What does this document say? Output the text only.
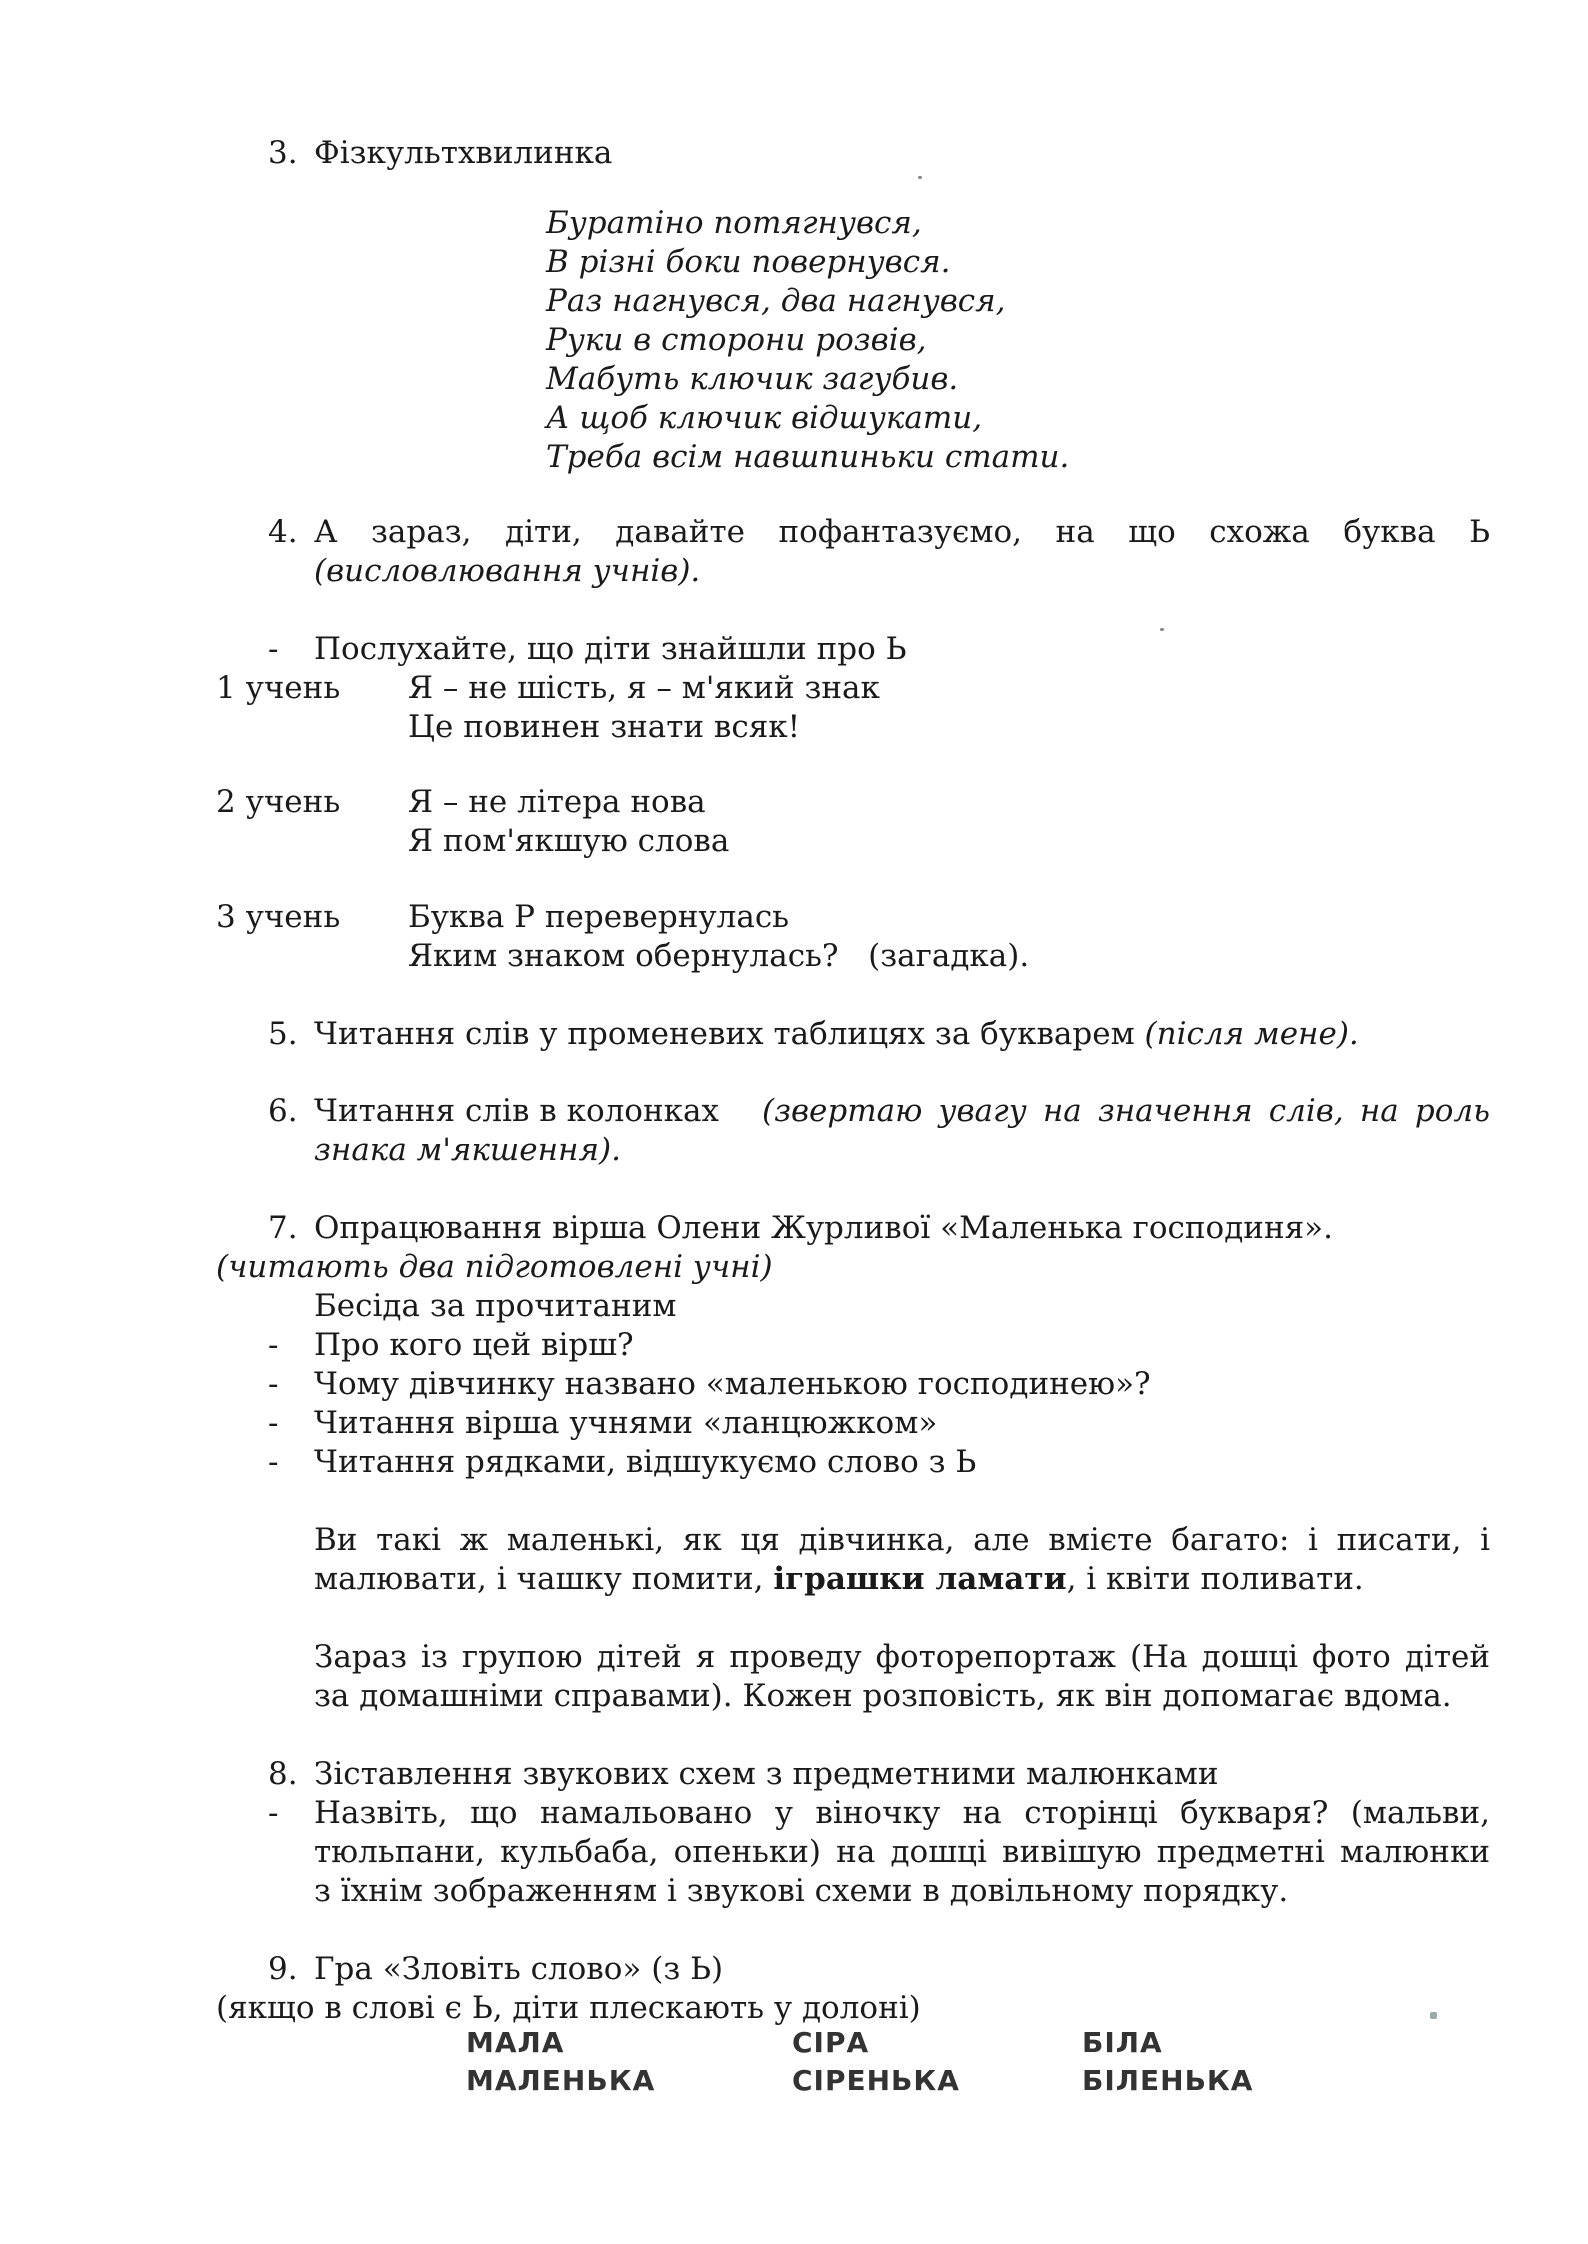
3. Фізкультхвилинка
Буратіно потягнувся,
В різні боки повернувся.
Раз нагнувся, два нагнувся,
Руки в сторони розвів,
Мабуть ключик загубив.
А щоб ключик відшукати,
Треба всім навшпиньки стати.
4. А зараз, діти, давайте пофантазуємо, на що схожа буква Ь
(висловлювання учнів).
- Послухайте, що діти знайшли про Ь
1 учень Я – не шість, я – м'який знак
Це повинен знати всяк!
2 учень Я – не літера нова
Я пом'якшую слова
3 учень Буква Р перевернулась
Яким знаком обернулась?   (загадка).
5. Читання слів у променевих таблицях за букварем (після мене).
6. Читання слів в колонках (звертаю увагу на значення слів, на роль
знака м'якшення).
7. Опрацювання вірша Олени Журливої «Маленька господиня».
(читають два підготовлені учні)
Бесіда за прочитаним
- Про кого цей вірш?
- Чому дівчинку названо «маленькою господинею»?
- Читання вірша учнями «ланцюжком»
- Читання рядками, відшукуємо слово з Ь
Ви такі ж маленькі, як ця дівчинка, але вмієте багато: і писати, і
малювати, і чашку помити, іграшки ламати, і квіти поливати.
Зараз із групою дітей я проведу фоторепортаж (На дошці фото дітей
за домашніми справами). Кожен розповість, як він допомагає вдома.
8. Зіставлення звукових схем з предметними малюнками
- Назвіть, що намальовано у віночку на сторінці букваря? (мальви,
тюльпани, кульбаба, опеньки) на дошці вивішую предметні малюнки
з їхнім зображенням і звукові схеми в довільному порядку.
9. Гра «Зловіть слово» (з Ь)
(якщо в слові є Ь, діти плескають у долоні)
МАЛА	СІРА	БІЛА
МАЛЕНЬКА	СІРЕНЬКА	БІЛЕНЬКА
